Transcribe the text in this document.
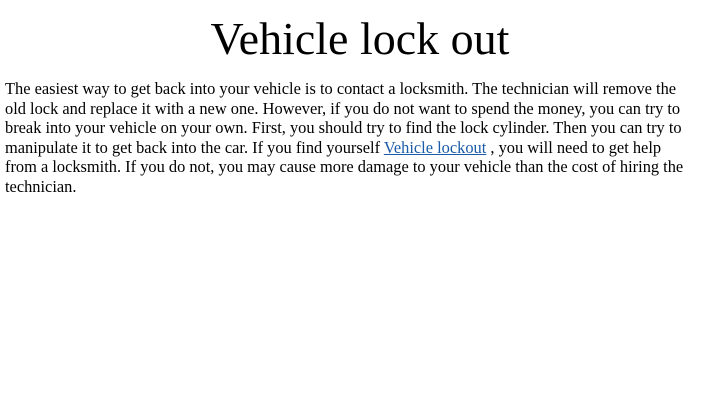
Vehicle lock out

The easiest way to get back into your vehicle is to contact a locksmith. The technician will remove the old lock and replace it with a new one. However, if you do not want to spend the money, you can try to break into your vehicle on your own. First, you should try to find the lock cylinder. Then you can try to manipulate it to get back into the car. If you find yourself Vehicle lockout , you will need to get help from a locksmith. If you do not, you may cause more damage to your vehicle than the cost of hiring the technician.
